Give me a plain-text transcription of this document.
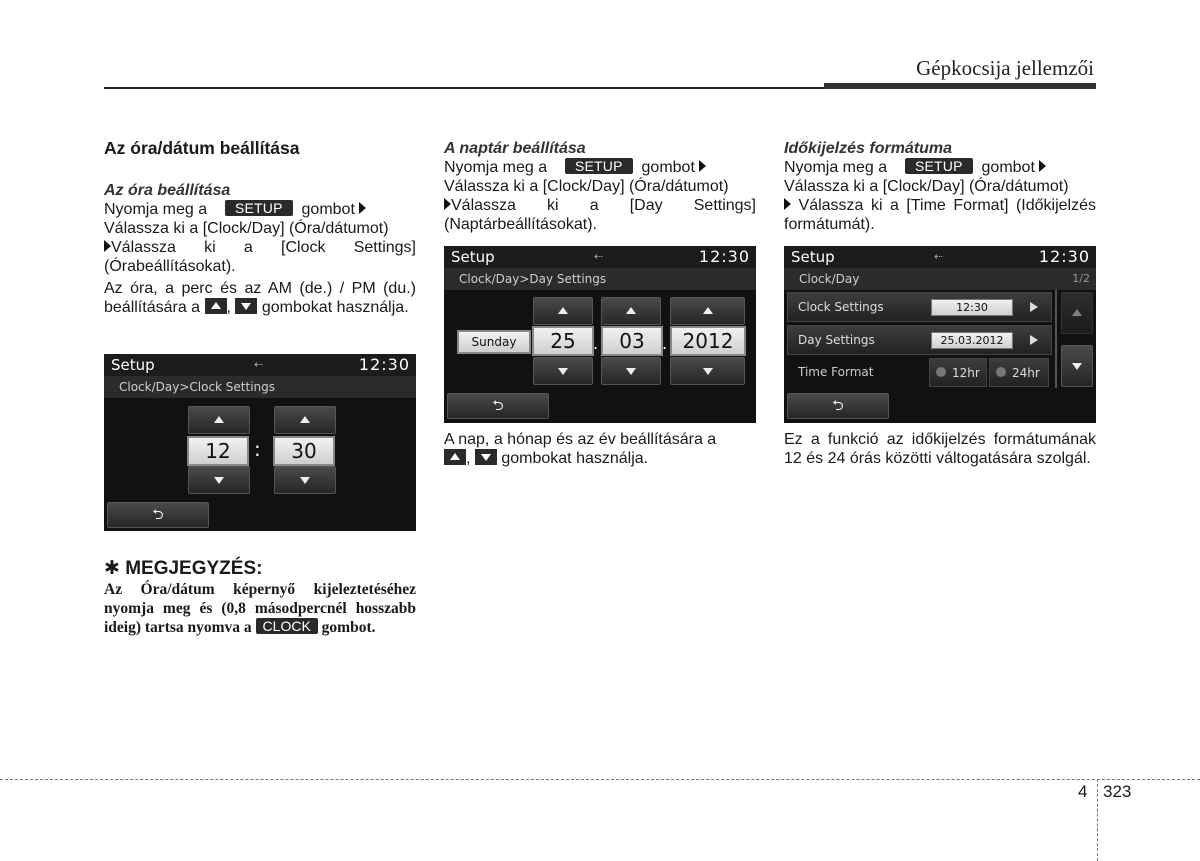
Gépkocsija jellemzői
Az óra/dátum beállítása
Az óra beállítása
Nyomja meg a SETUP gombot
Válassza ki a [Clock/Day] (Óra/dátumot)
Válassza ki a [Clock Settings] (Órabeállításokat).
Az óra, a perc és az AM (de.) / PM (du.) beállítására a , gombokat használja.
Setup	⇠	12:30
Clock/Day>Clock Settings
12	:	30
⮌
✱ MEGJEGYZÉS:
Az Óra/dátum képernyő kijeleztetéséhez nyomja meg és (0,8 másodpercnél hosszabb ideig) tartsa nyomva a CLOCK gombot.
A naptár beállítása
Nyomja meg a SETUP gombot
Válassza ki a [Clock/Day] (Óra/dátumot)
Válassza ki a [Day Settings] (Naptárbeállításokat).
Setup	⇠	12:30
Clock/Day>Day Settings
Sunday	25	.	03	. 2012
⮌
A nap, a hónap és az év beállítására a
, gombokat használja.
Időkijelzés formátuma
Nyomja meg a SETUP gombot
Válassza ki a [Clock/Day] (Óra/dátumot)
Válassza ki a [Time Format] (Időkijelzés formátumát).
Setup	⇠	12:30
Clock/Day	1/2
Clock Settings	12:30
Day Settings	25.03.2012
Time Format	12hr	24hr
⮌
Ez a funkció az időkijelzés formátumának 12 és 24 órás közötti váltogatására szolgál.
4 323
